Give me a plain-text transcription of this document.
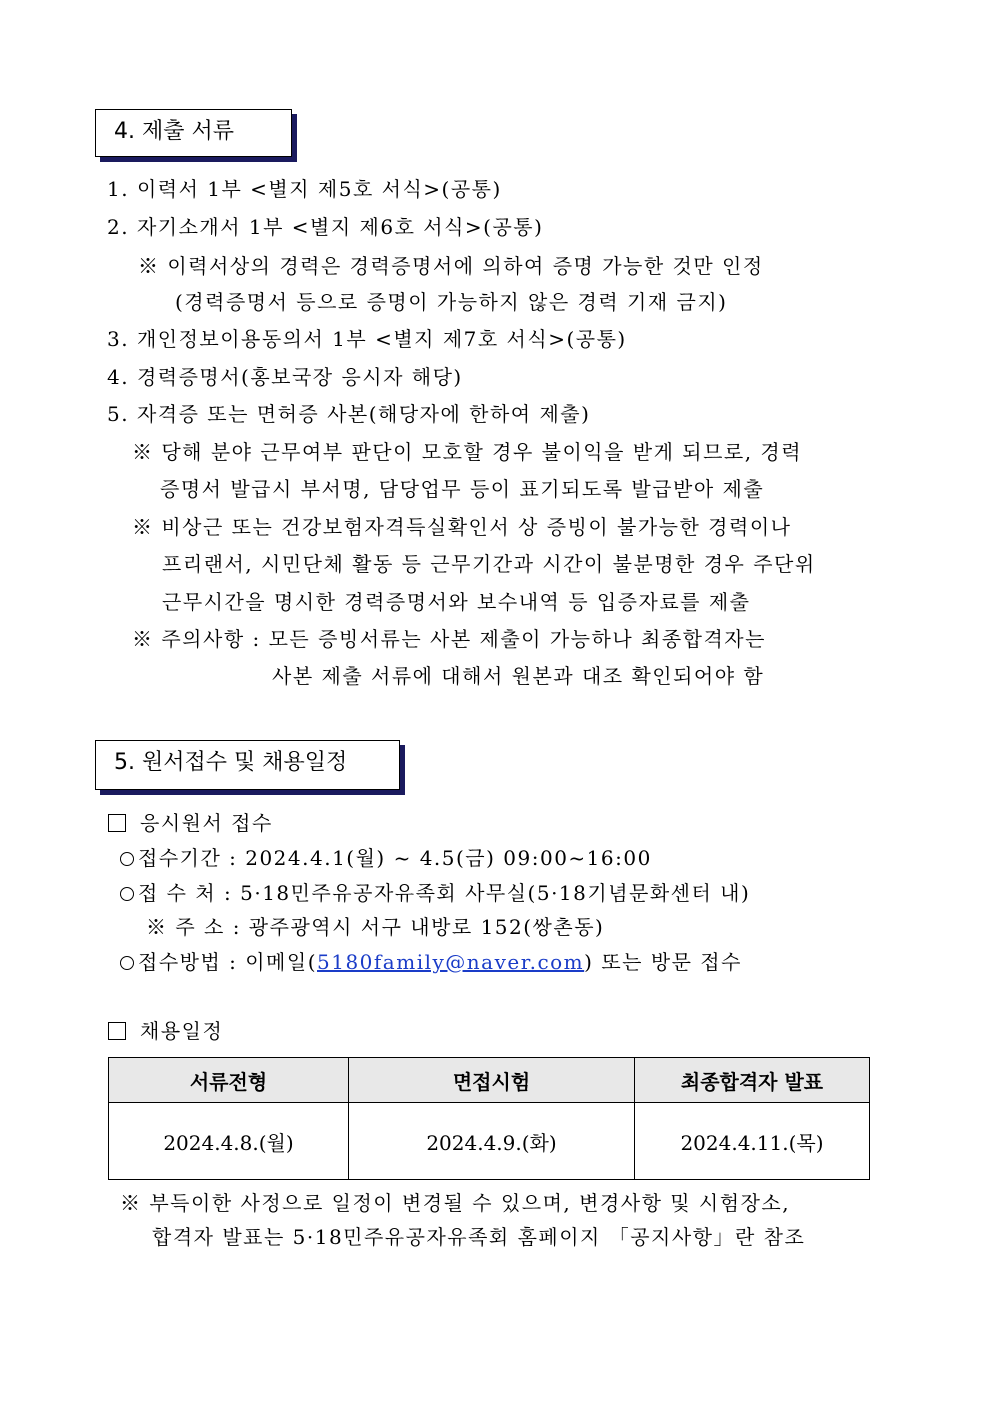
4. 제출 서류
1. 이력서 1부 <별지 제5호 서식>(공통)
2. 자기소개서 1부 <별지 제6호 서식>(공통)
※ 이력서상의 경력은 경력증명서에 의하여 증명 가능한 것만 인정
(경력증명서 등으로 증명이 가능하지 않은 경력 기재 금지)
3. 개인정보이용동의서 1부 <별지 제7호 서식>(공통)
4. 경력증명서(홍보국장 응시자 해당)
5. 자격증 또는 면허증 사본(해당자에 한하여 제출)
※ 당해 분야 근무여부 판단이 모호할 경우 불이익을 받게 되므로, 경력
증명서 발급시 부서명, 담당업무 등이 표기되도록 발급받아 제출
※ 비상근 또는 건강보험자격득실확인서 상 증빙이 불가능한 경력이나
프리랜서, 시민단체 활동 등 근무기간과 시간이 불분명한 경우 주단위
근무시간을 명시한 경력증명서와 보수내역 등 입증자료를 제출
※ 주의사항 : 모든 증빙서류는 사본 제출이 가능하나 최종합격자는
사본 제출 서류에 대해서 원본과 대조 확인되어야 함
5. 원서접수 및 채용일정
응시원서 접수
접수기간 : 2024.4.1(월) ~ 4.5(금) 09:00~16:00
접 수 처 : 5·18민주유공자유족회 사무실(5·18기념문화센터 내)
※ 주 소 : 광주광역시 서구 내방로 152(쌍촌동)
접수방법 : 이메일(5180family@naver.com) 또는 방문 접수
채용일정
서류전형	면접시험	최종합격자 발표
2024.4.8.(월)	2024.4.9.(화)	2024.4.11.(목)
※ 부득이한 사정으로 일정이 변경될 수 있으며, 변경사항 및 시험장소,
합격자 발표는 5·18민주유공자유족회 홈페이지 「공지사항」란 참조
